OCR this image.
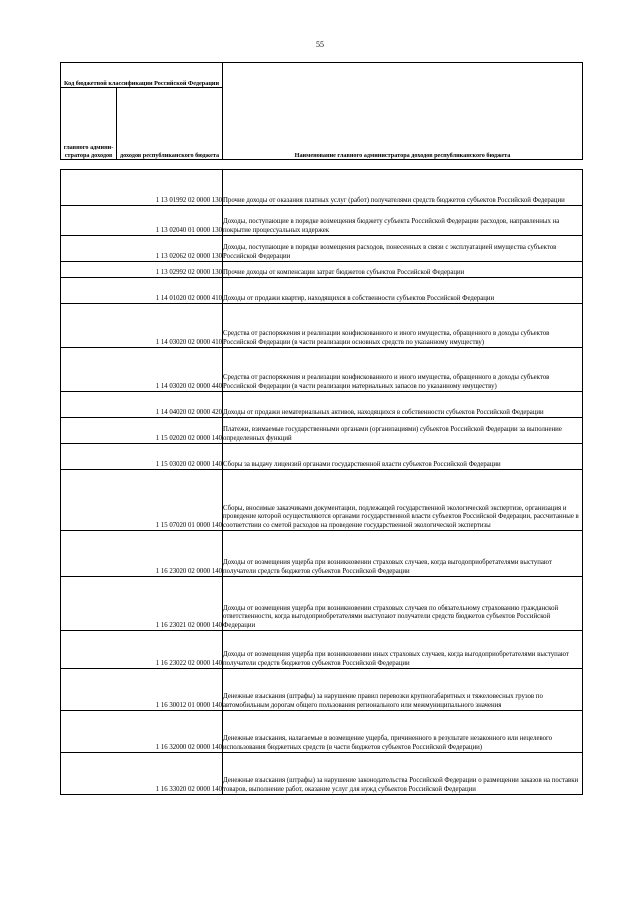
55
Код бюджетной классификации Российской Федерации		Наименование главного администратора доходов республиканского бюджета
главного админи-стратора доходов	доходов республиканского бюджета	

	1 13 01992 02 0000 130	Прочие доходы от оказания платных услуг (работ) получателями средств бюджетов субъектов Российской Федерации
	1 13 02040 01 0000 130	Доходы, поступающие в порядке возмещения бюджету субъекта Российской Федерации расходов, направленных на покрытие процессуальных издержек
	1 13 02062 02 0000 130	Доходы, поступающие в порядке возмещения расходов, понесенных в связи с эксплуатацией имущества субъектов Российской Федерации
	1 13 02992 02 0000 130	Прочие доходы от компенсации затрат бюджетов субъектов Российской Федерации
	1 14 01020 02 0000 410	Доходы от продажи квартир, находящихся в собственности субъектов Российской Федерации
	1 14 03020 02 0000 410	Средства от распоряжения и реализации конфискованного и иного имущества, обращенного в доходы субъектов Российской Федерации (в части реализации основных средств по указанному имуществу)
	1 14 03020 02 0000 440	Средства от распоряжения и реализации конфискованного и иного имущества, обращенного в доходы субъектов Российской Федерации (в части реализации материальных запасов по указанному имуществу)
	1 14 04020 02 0000 420	Доходы от продажи нематериальных активов, находящихся в собственности субъектов Российской Федерации
	1 15 02020 02 0000 140	Платежи, взимаемые государственными органами (организациями) субъектов Российской Федерации за выполнение определенных функций
	1 15 03020 02 0000 140	Сборы за выдачу лицензий органами государственной власти субъектов Российской Федерации
	1 15 07020 01 0000 140	Сборы, вносимые заказчиками документации, подлежащей государственной экологической экспертизе, организация и проведение которой осуществляются органами государственной власти субъектов Российской Федерации, рассчитанные в соответствии со сметой расходов на проведение государственной экологической экспертизы
	1 16 23020 02 0000 140	Доходы от возмещения ущерба при возникновении страховых случаев, когда выгодоприобретателями выступают получатели средств бюджетов субъектов Российской Федерации
	1 16 23021 02 0000 140	Доходы от возмещения ущерба при возникновении страховых случаев по обязательному страхованию гражданской ответственности, когда выгодоприобретателями выступают получатели средств бюджетов субъектов Российской Федерации
	1 16 23022 02 0000 140	Доходы от возмещения ущерба при возникновении иных страховых случаев, когда выгодоприобретателями выступают получатели средств бюджетов субъектов Российской Федерации
	1 16 30012 01 0000 140	Денежные взыскания (штрафы) за нарушение правил перевозки крупногабаритных и тяжеловесных грузов по автомобильным дорогам общего пользования регионального или межмуниципального значения
	1 16 32000 02 0000 140	Денежные взыскания, налагаемые в возмещение ущерба, причиненного в результате незаконного или нецелевого использования бюджетных средств (в части бюджетов субъектов Российской Федерации)
	1 16 33020 02 0000 140	Денежные взыскания (штрафы) за нарушение законодательства Российской Федерации о размещении заказов на поставки товаров, выполнение работ, оказание услуг для нужд субъектов Российской Федерации
